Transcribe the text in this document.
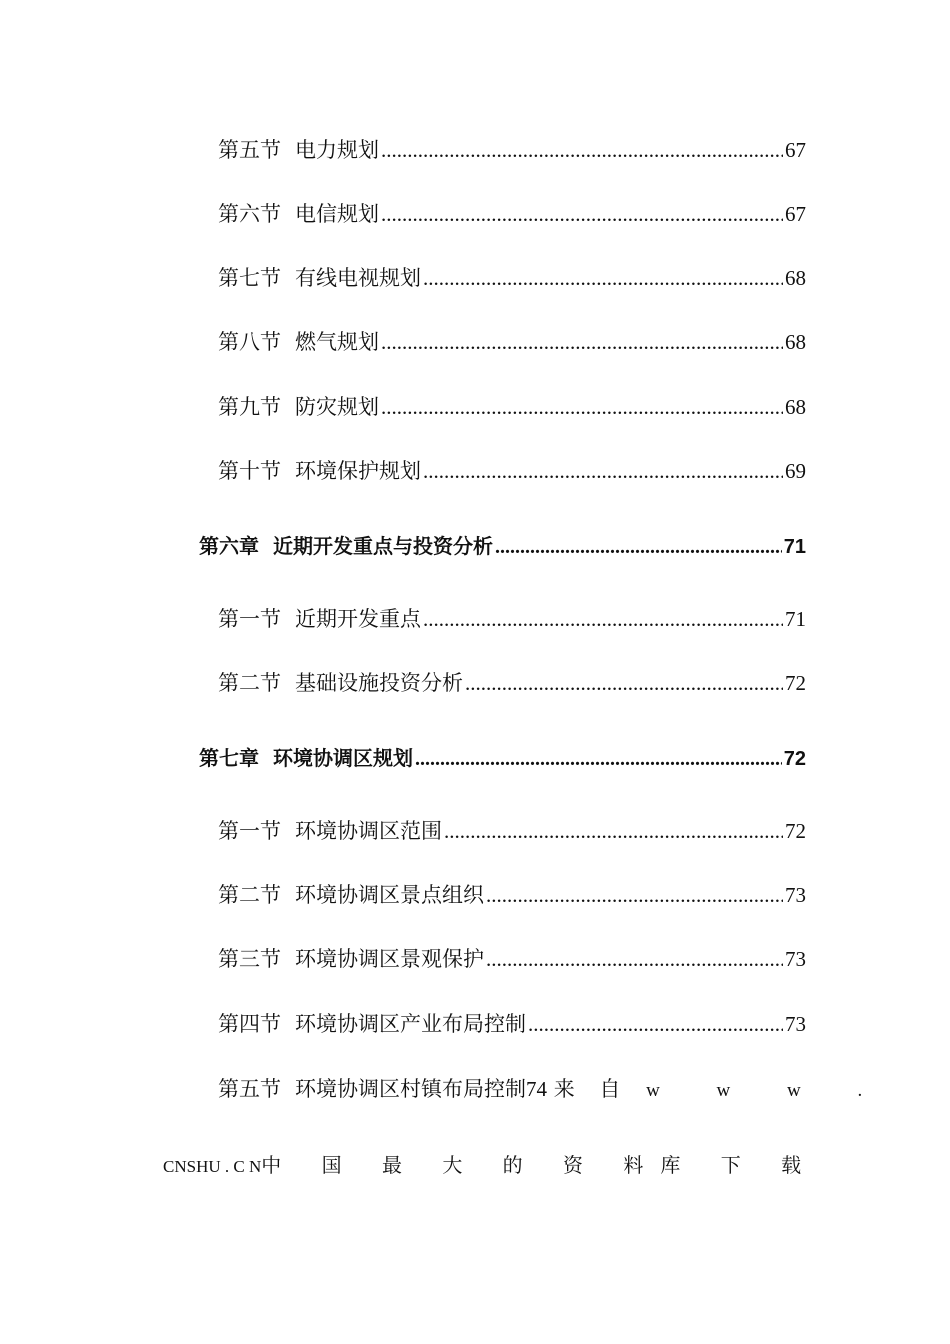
第五节 电力规划 .....	67
第六节 电信规划 .....	67
第七节 有线电视规划 .....	68
第八节 燃气规划 .....	68
第九节 防灾规划 .....	68
第十节 环境保护规划 .....	69
第六章 近期开发重点与投资分析 .....	71
第一节 近期开发重点 .....	71
第二节 基础设施投资分析 .....	72
第七章 环境协调区规划 .....	72
第一节 环境协调区范围 .....	72
第二节 环境协调区景点组织 .....	73
第三节 环境协调区景观保护 .....	73
第四节 环境协调区产业布局控制 .....	73
第五节 环境协调区村镇布局控制74 来 自 w w w .
CNSHU . C N中 国 最 大 的 资 料库 下 载
